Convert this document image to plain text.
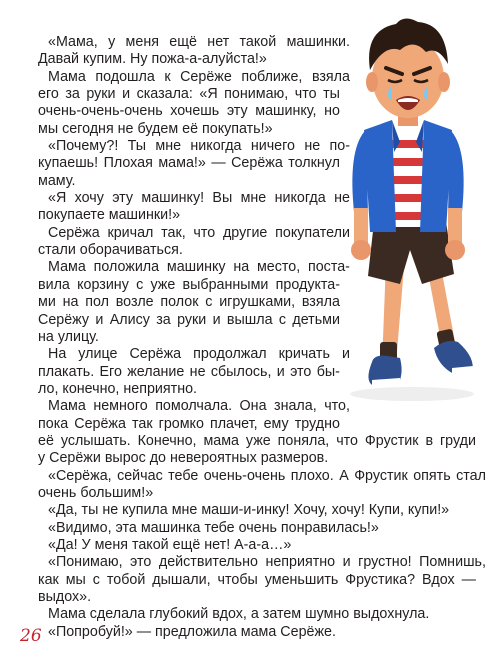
«Мама, у меня ещё нет такой машинки.
Давай купим. Ну пожа-а-алуйста!»
Мама подошла к Серёже поближе, взяла
его за руки и сказала: «Я понимаю, что ты
очень-очень-очень хочешь эту машинку, но
мы сегодня не будем её покупать!»
«Почему?! Ты мне никогда ничего не по-
купаешь! Плохая мама!» — Серёжа толкнул
маму.
«Я хочу эту машинку! Вы мне никогда не
покупаете машинки!»
Серёжа кричал так, что другие покупатели
стали оборачиваться.
Мама положила машинку на место, поста-
вила корзину с уже выбранными продукта-
ми на пол возле полок с игрушками, взяла
Серёжу и Алису за руки и вышла с детьми
на улицу.
На улице Серёжа продолжал кричать и
плакать. Его желание не сбылось, и это бы-
ло, конечно, неприятно.
Мама немного помолчала. Она знала, что,
пока Серёжа так громко плачет, ему трудно
её услышать. Конечно, мама уже поняла, что Фрустик в груди
у Серёжи вырос до невероятных размеров.
«Серёжа, сейчас тебе очень-очень плохо. А Фрустик опять стал
очень большим!»
«Да, ты не купила мне маши-и-инку! Хочу, хочу! Купи, купи!»
«Видимо, эта машинка тебе очень понравилась!»
«Да! У меня такой ещё нет! А-а-а…»
«Понимаю, это действительно неприятно и грустно! Помнишь,
как мы с тобой дышали, чтобы уменьшить Фрустика? Вдох —
выдох».
Мама сделала глубокий вдох, а затем шумно выдохнула.
«Попробуй!» — предложила мама Серёже.
26
